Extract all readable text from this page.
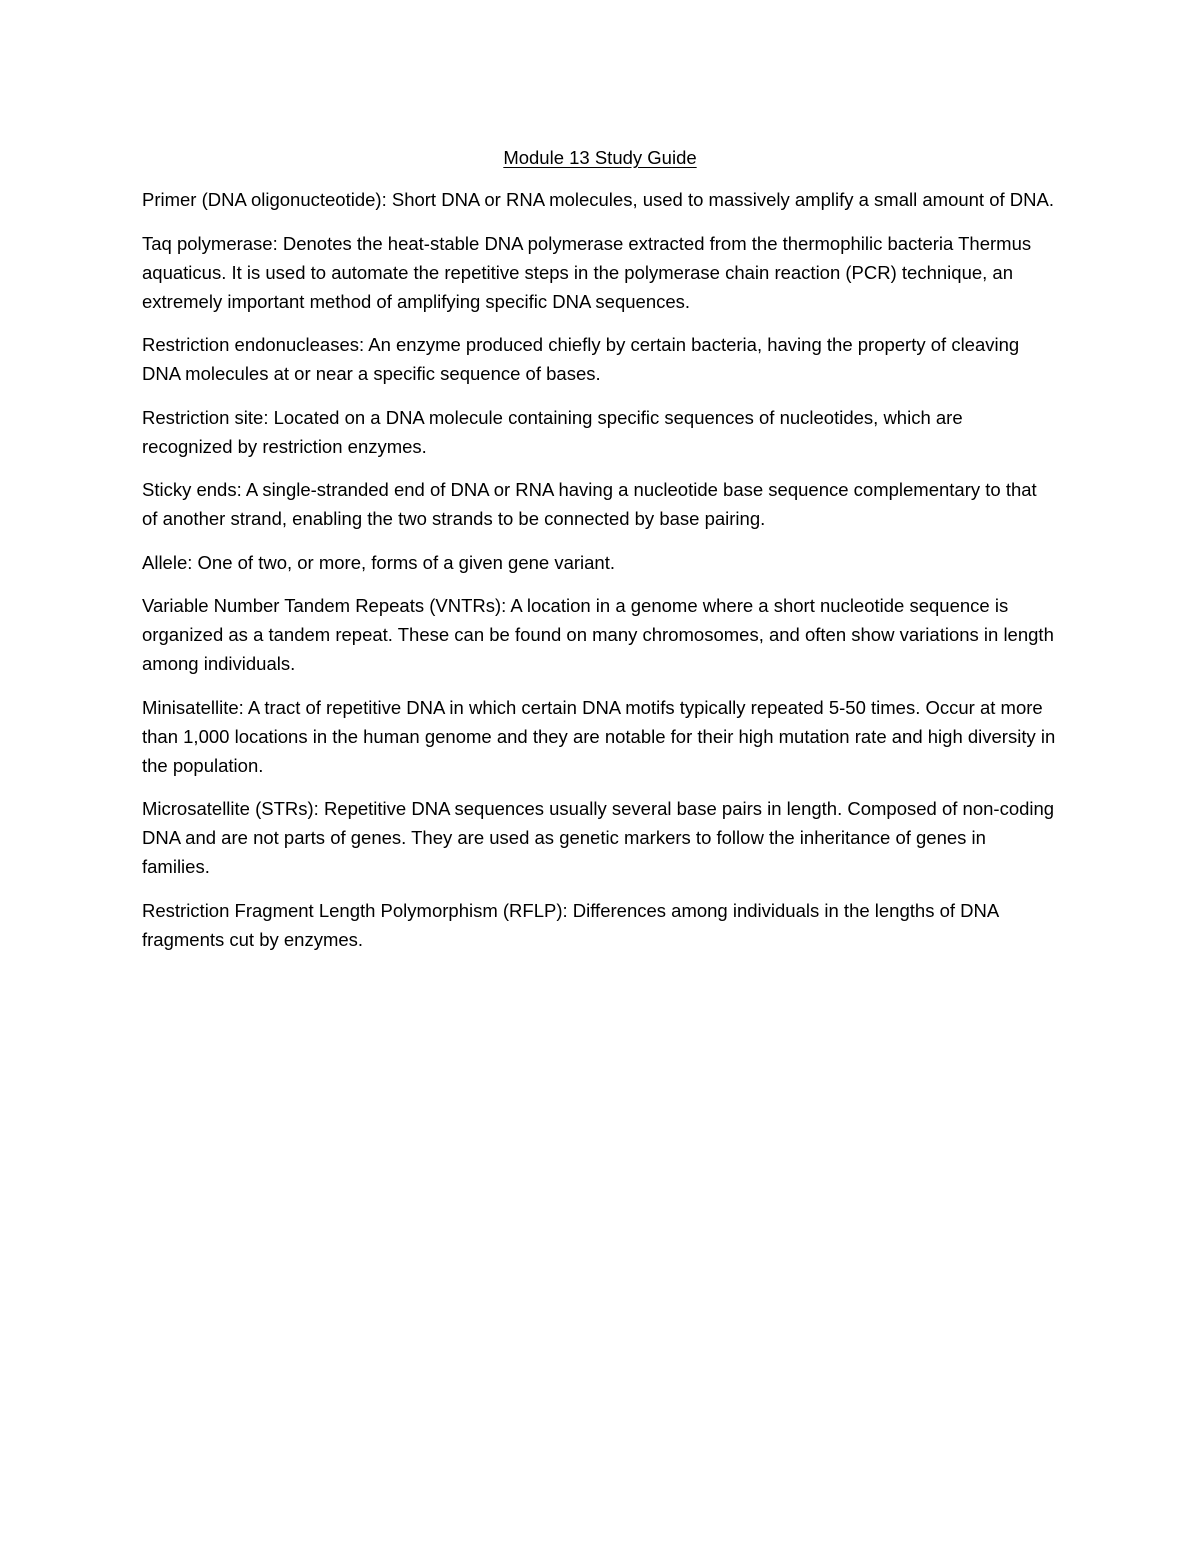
Module 13 Study Guide

Primer (DNA oligonucteotide): Short DNA or RNA molecules, used to massively amplify a small amount of DNA.

Taq polymerase: Denotes the heat-stable DNA polymerase extracted from the thermophilic bacteria Thermus aquaticus. It is used to automate the repetitive steps in the polymerase chain reaction (PCR) technique, an extremely important method of amplifying specific DNA sequences.

Restriction endonucleases: An enzyme produced chiefly by certain bacteria, having the property of cleaving DNA molecules at or near a specific sequence of bases.

Restriction site: Located on a DNA molecule containing specific sequences of nucleotides, which are recognized by restriction enzymes.

Sticky ends: A single-stranded end of DNA or RNA having a nucleotide base sequence complementary to that of another strand, enabling the two strands to be connected by base pairing.

Allele: One of two, or more, forms of a given gene variant.

Variable Number Tandem Repeats (VNTRs): A location in a genome where a short nucleotide sequence is organized as a tandem repeat. These can be found on many chromosomes, and often show variations in length among individuals.

Minisatellite: A tract of repetitive DNA in which certain DNA motifs typically repeated 5-50 times. Occur at more than 1,000 locations in the human genome and they are notable for their high mutation rate and high diversity in the population.

Microsatellite (STRs): Repetitive DNA sequences usually several base pairs in length. Composed of non-coding DNA and are not parts of genes. They are used as genetic markers to follow the inheritance of genes in families.

Restriction Fragment Length Polymorphism (RFLP): Differences among individuals in the lengths of DNA fragments cut by enzymes.
